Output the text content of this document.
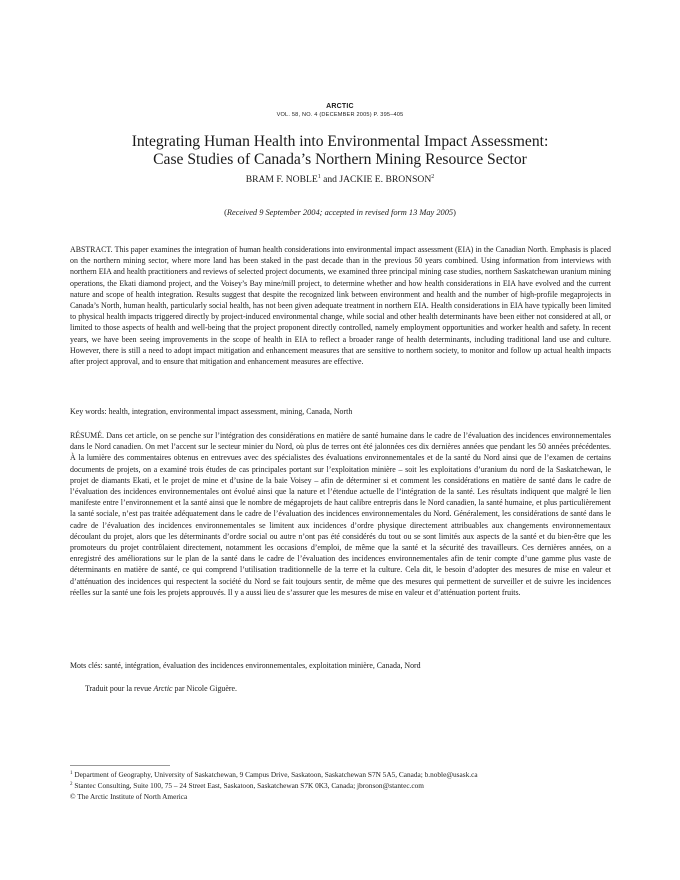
ARCTIC
VOL. 58, NO. 4 (DECEMBER 2005) P. 395–405
Integrating Human Health into Environmental Impact Assessment:
Case Studies of Canada’s Northern Mining Resource Sector
BRAM F. NOBLE$^1$ and JACKIE E. BRONSON$^2$
(Received 9 September 2004; accepted in revised form 13 May 2005)

ABSTRACT. This paper examines the integration of human health considerations into environmental impact assessment (EIA) in the Canadian North. Emphasis is placed on the northern mining sector, where more land has been staked in the past decade than in the previous 50 years combined. Using information from interviews with northern EIA and health practitioners and reviews of selected project documents, we examined three principal mining case studies, northern Saskatchewan uranium mining operations, the Ekati diamond project, and the Voisey’s Bay mine/mill project, to determine whether and how health considerations in EIA have evolved and the current nature and scope of health integration. Results suggest that despite the recognized link between environment and health and the number of high-profile megaprojects in Canada’s North, human health, particularly social health, has not been given adequate treatment in northern EIA. Health considerations in EIA have typically been limited to physical health impacts triggered directly by project-induced environmental change, while social and other health determinants have been either not considered at all, or limited to those aspects of health and well-being that the project proponent directly controlled, namely employment opportunities and worker health and safety. In recent years, we have been seeing improvements in the scope of health in EIA to reflect a broader range of health determinants, including traditional land use and culture. However, there is still a need to adopt impact mitigation and enhancement measures that are sensitive to northern society, to monitor and follow up actual health impacts after project approval, and to ensure that mitigation and enhancement measures are effective.

Key words: health, integration, environmental impact assessment, mining, Canada, North

RÉSUMÉ. Dans cet article, on se penche sur l’intégration des considérations en matière de santé humaine dans le cadre de l’évaluation des incidences environnementales dans le Nord canadien. On met l’accent sur le secteur minier du Nord, où plus de terres ont été jalonnées ces dix dernières années que pendant les 50 années précédentes. À la lumière des commentaires obtenus en entrevues avec des spécialistes des évaluations environnementales et de la santé du Nord ainsi que de l’examen de certains documents de projets, on a examiné trois études de cas principales portant sur l’exploitation minière – soit les exploitations d’uranium du nord de la Saskatchewan, le projet de diamants Ekati, et le projet de mine et d’usine de la baie Voisey – afin de déterminer si et comment les considérations en matière de santé dans le cadre de l’évaluation des incidences environnementales ont évolué ainsi que la nature et l’étendue actuelle de l’intégration de la santé. Les résultats indiquent que malgré le lien manifeste entre l’environnement et la santé ainsi que le nombre de mégaprojets de haut calibre entrepris dans le Nord canadien, la santé humaine, et plus particulièrement la santé sociale, n’est pas traitée adéquatement dans le cadre de l’évaluation des incidences environnementales du Nord. Généralement, les considérations de santé dans le cadre de l’évaluation des incidences environnementales se limitent aux incidences d’ordre physique directement attribuables aux changements environnementaux découlant du projet, alors que les déterminants d’ordre social ou autre n’ont pas été considérés du tout ou se sont limités aux aspects de la santé et du bien-être que les promoteurs du projet contrôlaient directement, notamment les occasions d’emploi, de même que la santé et la sécurité des travailleurs. Ces dernières années, on a enregistré des améliorations sur le plan de la santé dans le cadre de l’évaluation des incidences environnementales afin de tenir compte d’une gamme plus vaste de déterminants en matière de santé, ce qui comprend l’utilisation traditionnelle de la terre et la culture. Cela dit, le besoin d’adopter des mesures de mise en valeur et d’atténuation des incidences qui respectent la société du Nord se fait toujours sentir, de même que des mesures qui permettent de surveiller et de suivre les incidences réelles sur la santé une fois les projets approuvés. Il y a aussi lieu de s’assurer que les mesures de mise en valeur et d’atténuation portent fruits.

Mots clés: santé, intégration, évaluation des incidences environnementales, exploitation minière, Canada, Nord

Traduit pour la revue Arctic par Nicole Giguère.

$^1$ Department of Geography, University of Saskatchewan, 9 Campus Drive, Saskatoon, Saskatchewan S7N 5A5, Canada; b.noble@usask.ca
$^2$ Stantec Consulting, Suite 100, 75 – 24 Street East, Saskatoon, Saskatchewan S7K 0K3, Canada; jbronson@stantec.com
© The Arctic Institute of North America
